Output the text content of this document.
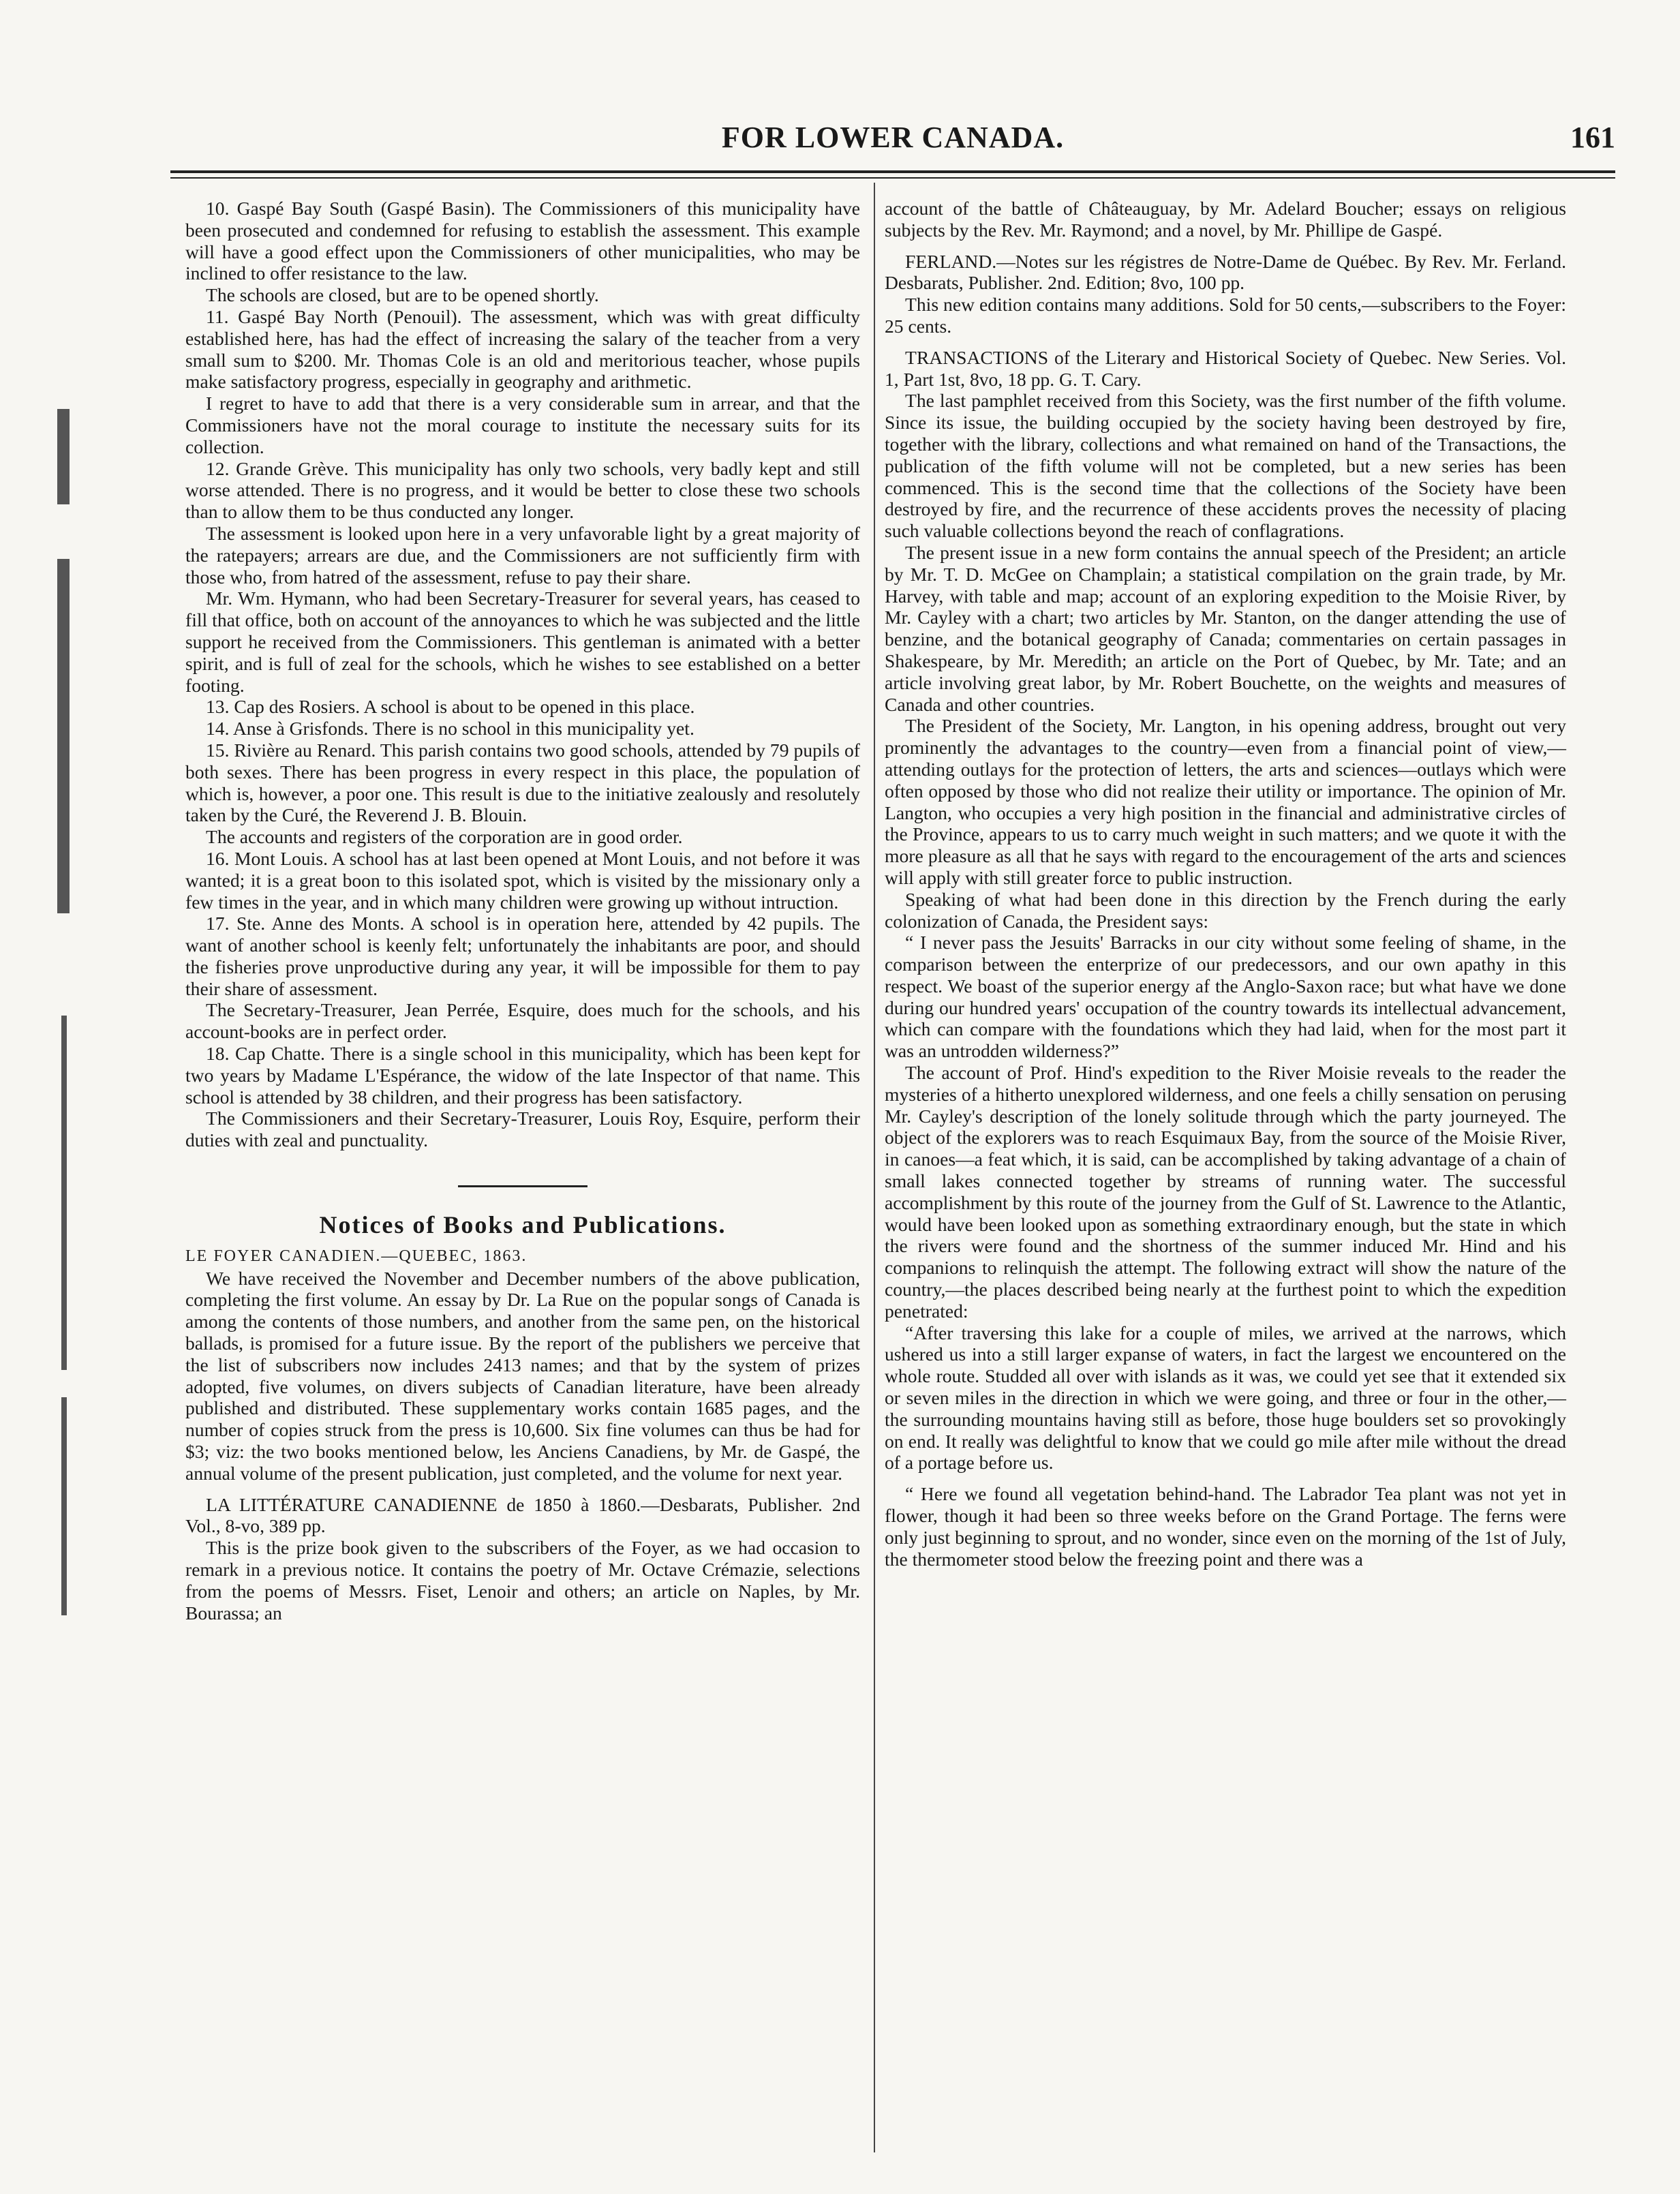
FOR LOWER CANADA.	161

10. Gaspé Bay South (Gaspé Basin). The Commissioners of this municipality have been prosecuted and condemned for refusing to establish the assessment. This example will have a good effect upon the Commissioners of other municipalities, who may be inclined to offer resistance to the law.

The schools are closed, but are to be opened shortly.

11. Gaspé Bay North (Penouil). The assessment, which was with great difficulty established here, has had the effect of increasing the salary of the teacher from a very small sum to $200. Mr. Thomas Cole is an old and meritorious teacher, whose pupils make satisfactory progress, especially in geography and arithmetic.

I regret to have to add that there is a very considerable sum in arrear, and that the Commissioners have not the moral courage to institute the necessary suits for its collection.

12. Grande Grève. This municipality has only two schools, very badly kept and still worse attended. There is no progress, and it would be better to close these two schools than to allow them to be thus conducted any longer.

The assessment is looked upon here in a very unfavorable light by a great majority of the ratepayers; arrears are due, and the Commissioners are not sufficiently firm with those who, from hatred of the assessment, refuse to pay their share.

Mr. Wm. Hymann, who had been Secretary-Treasurer for several years, has ceased to fill that office, both on account of the annoyances to which he was subjected and the little support he received from the Commissioners. This gentleman is animated with a better spirit, and is full of zeal for the schools, which he wishes to see established on a better footing.

13. Cap des Rosiers. A school is about to be opened in this place.

14. Anse à Grisfonds. There is no school in this municipality yet.

15. Rivière au Renard. This parish contains two good schools, attended by 79 pupils of both sexes. There has been progress in every respect in this place, the population of which is, however, a poor one. This result is due to the initiative zealously and resolutely taken by the Curé, the Reverend J. B. Blouin.

The accounts and registers of the corporation are in good order.

16. Mont Louis. A school has at last been opened at Mont Louis, and not before it was wanted; it is a great boon to this isolated spot, which is visited by the missionary only a few times in the year, and in which many children were growing up without intruction.

17. Ste. Anne des Monts. A school is in operation here, attended by 42 pupils. The want of another school is keenly felt; unfortunately the inhabitants are poor, and should the fisheries prove unproductive during any year, it will be impossible for them to pay their share of assessment.

The Secretary-Treasurer, Jean Perrée, Esquire, does much for the schools, and his account-books are in perfect order.

18. Cap Chatte. There is a single school in this municipality, which has been kept for two years by Madame L'Espérance, the widow of the late Inspector of that name. This school is attended by 38 children, and their progress has been satisfactory.

The Commissioners and their Secretary-Treasurer, Louis Roy, Esquire, perform their duties with zeal and punctuality.

Notices of Books and Publications.

LE FOYER CANADIEN.—QUEBEC, 1863.

We have received the November and December numbers of the above publication, completing the first volume. An essay by Dr. La Rue on the popular songs of Canada is among the contents of those numbers, and another from the same pen, on the historical ballads, is promised for a future issue. By the report of the publishers we perceive that the list of subscribers now includes 2413 names; and that by the system of prizes adopted, five volumes, on divers subjects of Canadian literature, have been already published and distributed. These supplementary works contain 1685 pages, and the number of copies struck from the press is 10,600. Six fine volumes can thus be had for $3; viz: the two books mentioned below, les Anciens Canadiens, by Mr. de Gaspé, the annual volume of the present publication, just completed, and the volume for next year.

LA LITTÉRATURE CANADIENNE de 1850 à 1860.—Desbarats, Publisher. 2nd Vol., 8-vo, 389 pp.

This is the prize book given to the subscribers of the Foyer, as we had occasion to remark in a previous notice. It contains the poetry of Mr. Octave Crémazie, selections from the poems of Messrs. Fiset, Lenoir and others; an article on Naples, by Mr. Bourassa; an

account of the battle of Châteauguay, by Mr. Adelard Boucher; essays on religious subjects by the Rev. Mr. Raymond; and a novel, by Mr. Phillipe de Gaspé.

FERLAND.—Notes sur les régistres de Notre-Dame de Québec. By Rev. Mr. Ferland. Desbarats, Publisher. 2nd. Edition; 8vo, 100 pp.

This new edition contains many additions. Sold for 50 cents,—subscribers to the Foyer: 25 cents.

TRANSACTIONS of the Literary and Historical Society of Quebec. New Series. Vol. 1, Part 1st, 8vo, 18 pp. G. T. Cary.

The last pamphlet received from this Society, was the first number of the fifth volume. Since its issue, the building occupied by the society having been destroyed by fire, together with the library, collections and what remained on hand of the Transactions, the publication of the fifth volume will not be completed, but a new series has been commenced. This is the second time that the collections of the Society have been destroyed by fire, and the recurrence of these accidents proves the necessity of placing such valuable collections beyond the reach of conflagrations.

The present issue in a new form contains the annual speech of the President; an article by Mr. T. D. McGee on Champlain; a statistical compilation on the grain trade, by Mr. Harvey, with table and map; account of an exploring expedition to the Moisie River, by Mr. Cayley with a chart; two articles by Mr. Stanton, on the danger attending the use of benzine, and the botanical geography of Canada; commentaries on certain passages in Shakespeare, by Mr. Meredith; an article on the Port of Quebec, by Mr. Tate; and an article involving great labor, by Mr. Robert Bouchette, on the weights and measures of Canada and other countries.

The President of the Society, Mr. Langton, in his opening address, brought out very prominently the advantages to the country—even from a financial point of view,—attending outlays for the protection of letters, the arts and sciences—outlays which were often opposed by those who did not realize their utility or importance. The opinion of Mr. Langton, who occupies a very high position in the financial and administrative circles of the Province, appears to us to carry much weight in such matters; and we quote it with the more pleasure as all that he says with regard to the encouragement of the arts and sciences will apply with still greater force to public instruction.

Speaking of what had been done in this direction by the French during the early colonization of Canada, the President says:

“ I never pass the Jesuits' Barracks in our city without some feeling of shame, in the comparison between the enterprize of our predecessors, and our own apathy in this respect. We boast of the superior energy af the Anglo-Saxon race; but what have we done during our hundred years' occupation of the country towards its intellectual advancement, which can compare with the foundations which they had laid, when for the most part it was an untrodden wilderness?”

The account of Prof. Hind's expedition to the River Moisie reveals to the reader the mysteries of a hitherto unexplored wilderness, and one feels a chilly sensation on perusing Mr. Cayley's description of the lonely solitude through which the party journeyed. The object of the explorers was to reach Esquimaux Bay, from the source of the Moisie River, in canoes—a feat which, it is said, can be accomplished by taking advantage of a chain of small lakes connected together by streams of running water. The successful accomplishment by this route of the journey from the Gulf of St. Lawrence to the Atlantic, would have been looked upon as something extraordinary enough, but the state in which the rivers were found and the shortness of the summer induced Mr. Hind and his companions to relinquish the attempt. The following extract will show the nature of the country,—the places described being nearly at the furthest point to which the expedition penetrated:

“After traversing this lake for a couple of miles, we arrived at the narrows, which ushered us into a still larger expanse of waters, in fact the largest we encountered on the whole route. Studded all over with islands as it was, we could yet see that it extended six or seven miles in the direction in which we were going, and three or four in the other,—the surrounding mountains having still as before, those huge boulders set so provokingly on end. It really was delightful to know that we could go mile after mile without the dread of a portage before us.

“ Here we found all vegetation behind-hand. The Labrador Tea plant was not yet in flower, though it had been so three weeks before on the Grand Portage. The ferns were only just beginning to sprout, and no wonder, since even on the morning of the 1st of July, the thermometer stood below the freezing point and there was a
